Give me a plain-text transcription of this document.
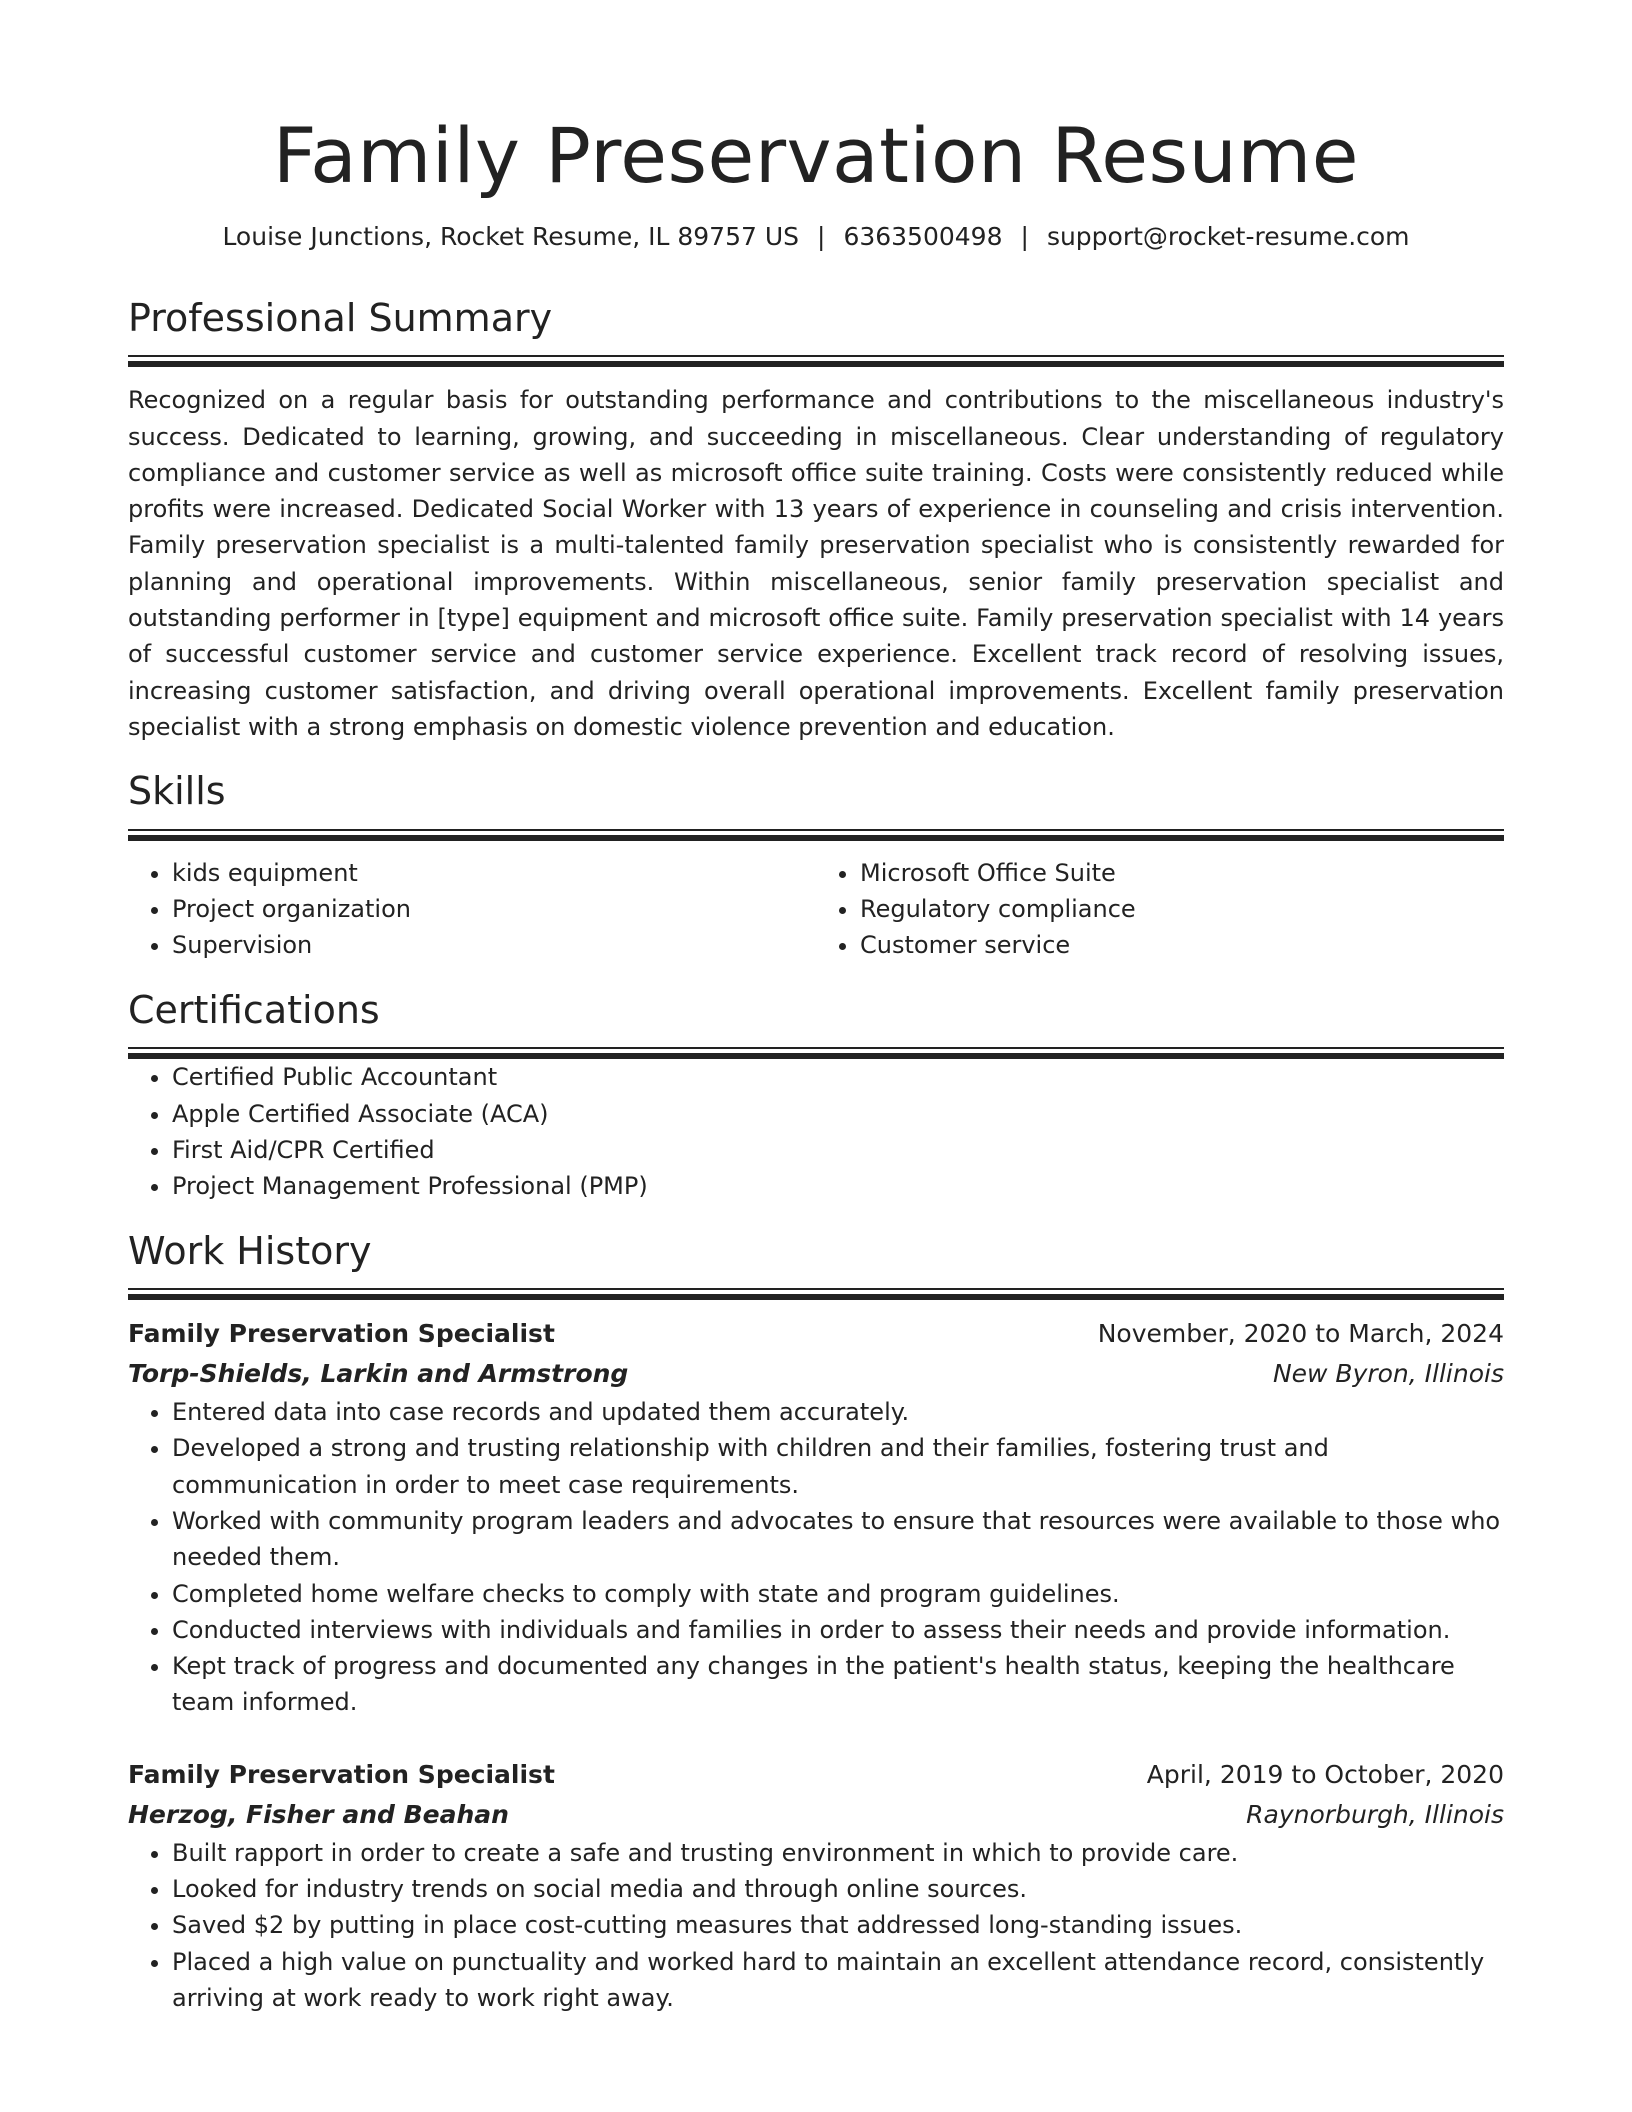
Family Preservation Resume
Louise Junctions, Rocket Resume, IL 89757 US | 6363500498 | support@rocket-resume.com
Professional Summary

Recognized on a regular basis for outstanding performance and contributions to the miscellaneous industry's success. Dedicated to learning, growing, and succeeding in miscellaneous. Clear understanding of regulatory compliance and customer service as well as microsoft office suite training. Costs were consistently reduced while profits were increased. Dedicated Social Worker with 13 years of experience in counseling and crisis intervention. Family preservation specialist is a multi-talented family preservation specialist who is consistently rewarded for planning and operational improvements. Within miscellaneous, senior family preservation specialist and outstanding performer in [type] equipment and microsoft office suite. Family preservation specialist with 14 years of successful customer service and customer service experience. Excellent track record of resolving issues, increasing customer satisfaction, and driving overall operational improvements. Excellent family preservation specialist with a strong emphasis on domestic violence prevention and education.

Skills
• kids equipment
• Project organization
• Supervision
• Microsoft Office Suite
• Regulatory compliance
• Customer service
Certifications
• Certified Public Accountant
• Apple Certified Associate (ACA)
• First Aid/CPR Certified
• Project Management Professional (PMP)
Work History
Family Preservation Specialist	November, 2020 to March, 2024
Torp-Shields, Larkin and Armstrong	New Byron, Illinois
• Entered data into case records and updated them accurately.
• Developed a strong and trusting relationship with children and their families, fostering trust and communication in order to meet case requirements.
• Worked with community program leaders and advocates to ensure that resources were available to those who needed them.
• Completed home welfare checks to comply with state and program guidelines.
• Conducted interviews with individuals and families in order to assess their needs and provide information.
• Kept track of progress and documented any changes in the patient's health status, keeping the healthcare team informed.
Family Preservation Specialist	April, 2019 to October, 2020
Herzog, Fisher and Beahan	Raynorburgh, Illinois
• Built rapport in order to create a safe and trusting environment in which to provide care.
• Looked for industry trends on social media and through online sources.
• Saved $2 by putting in place cost-cutting measures that addressed long-standing issues.
• Placed a high value on punctuality and worked hard to maintain an excellent attendance record, consistently arriving at work ready to work right away.
